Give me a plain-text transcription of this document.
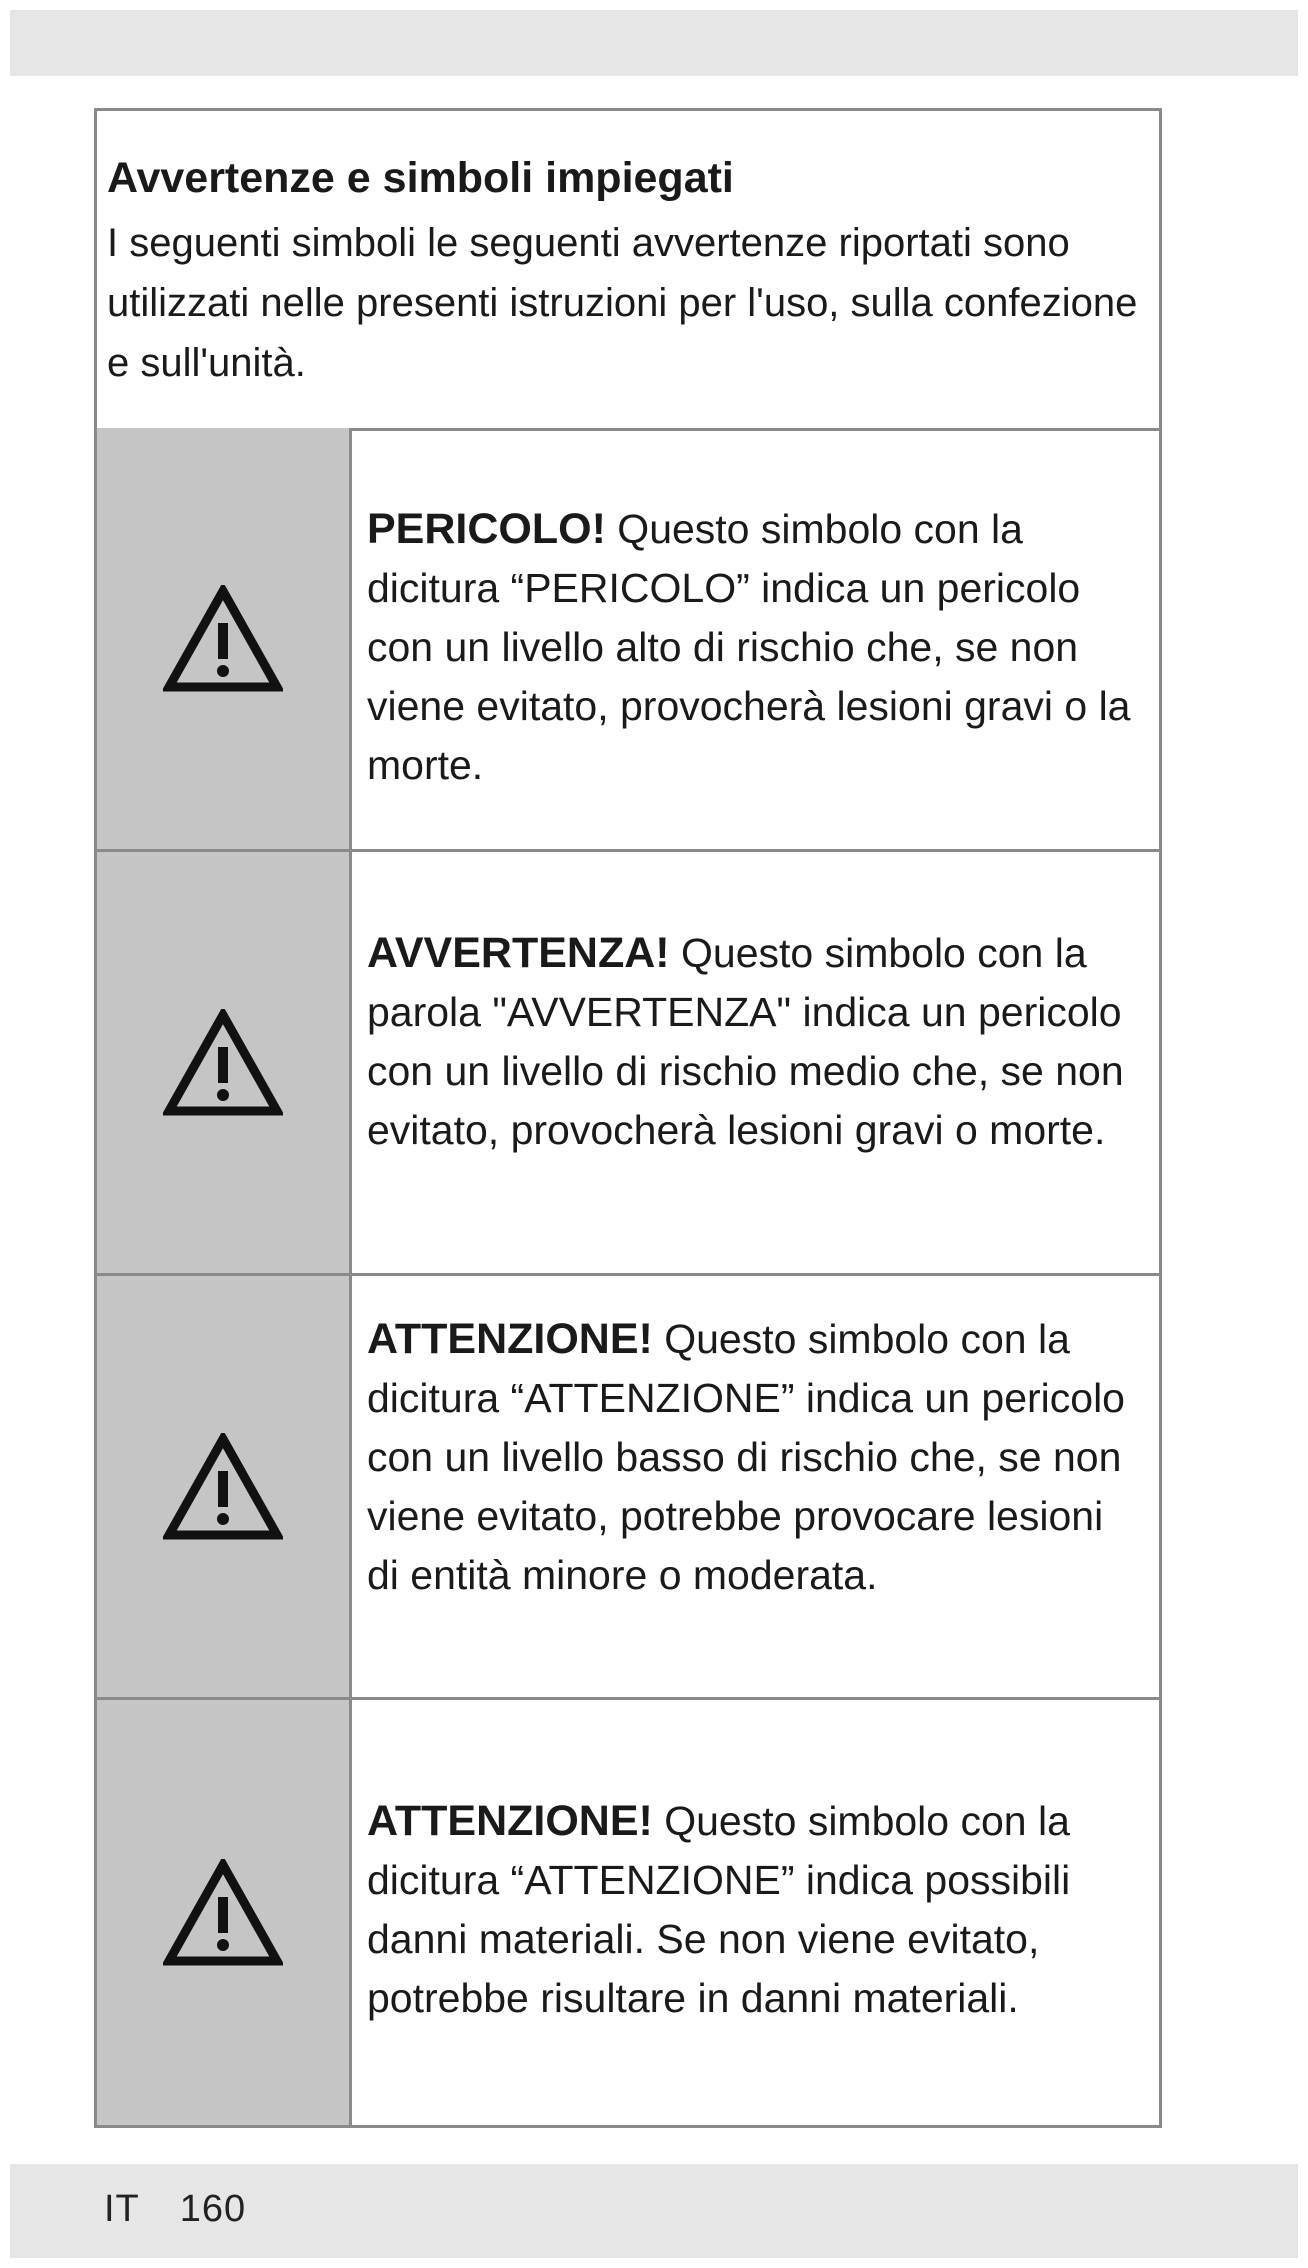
Avvertenze e simboli impiegati

I seguenti simboli le seguenti avvertenze riportati sono utilizzati nelle presenti istruzioni per l'uso, sulla confezione e sull'unità.

PERICOLO! Questo simbolo con la dicitura “PERICOLO” indica un pericolo con un livello alto di rischio che, se non viene evitato, provocherà lesioni gravi o la morte.
AVVERTENZA! Questo simbolo con la parola "AVVERTENZA" indica un pericolo con un livello di rischio medio che, se non evitato, provocherà lesioni gravi o morte.
ATTENZIONE! Questo simbolo con la dicitura “ATTENZIONE” indica un pericolo con un livello basso di rischio che, se non viene evitato, potrebbe provocare lesioni di entità minore o moderata.
ATTENZIONE! Questo simbolo con la dicitura “ATTENZIONE” indica possibili danni materiali. Se non viene evitato, potrebbe risultare in danni materiali.
IT 160
